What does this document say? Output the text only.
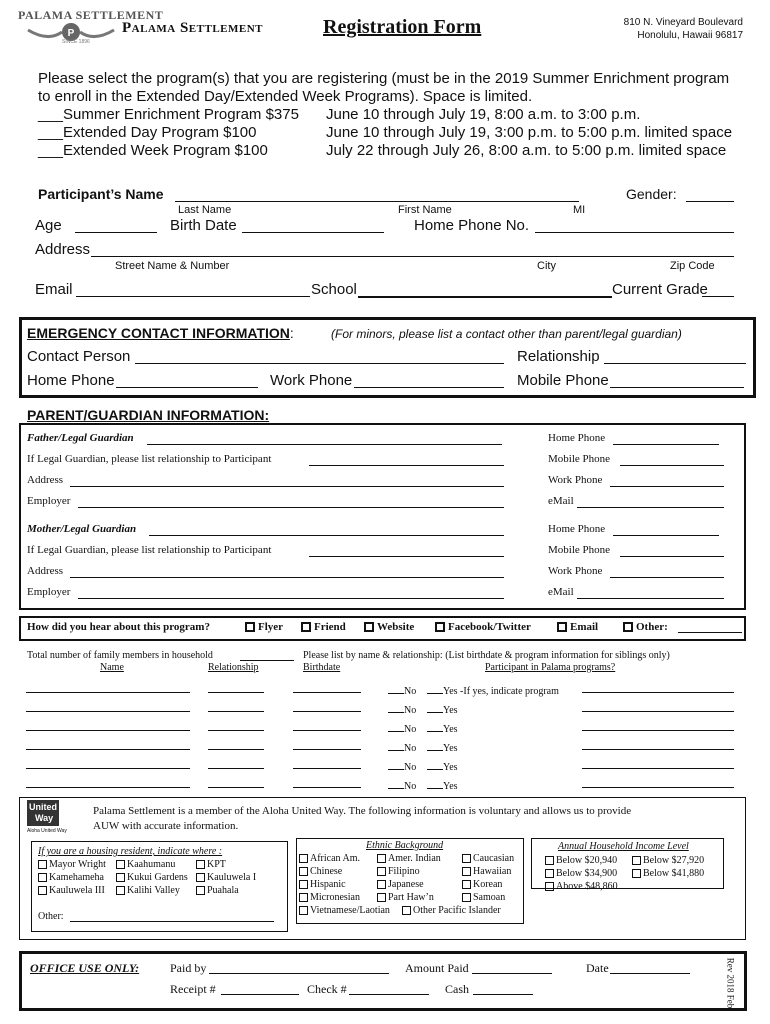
PALAMA SETTLEMENT
P
SINCE 1896
Palama Settlement	Registration Form	810 N. Vineyard Boulevard
Honolulu, Hawaii 96817
Please select the program(s) that you are registering (must be in the 2019 Summer Enrichment program
to enroll in the Extended Day/Extended Week Programs). Space is limited.
___Summer Enrichment Program $375 June 10 through July 19, 8:00 a.m. to 3:00 p.m.
___Extended Day Program $100	June 10 through July 19, 3:00 p.m. to 5:00 p.m. limited space
___Extended Week Program $100	July 22 through July 26, 8:00 a.m. to 5:00 p.m. limited space
Participant’s Name	Gender:
Last Name	First Name	MI
Age	Birth Date	Home Phone No.
Address
Street Name & Number	City	Zip Code
Email	School	Current Grade
EMERGENCY CONTACT INFORMATION:	(For minors, please list a contact other than parent/legal guardian)
Contact Person	Relationship
Home Phone	Work Phone	Mobile Phone
PARENT/GUARDIAN INFORMATION:
Father/Legal Guardian
If Legal Guardian, please list relationship to Participant
Address
Employer
Home Phone
Mobile Phone
Work Phone
eMail
Mother/Legal Guardian
If Legal Guardian, please list relationship to Participant
Address
Employer
Home Phone
Mobile Phone
Work Phone
eMail
How did you hear about this program?	Flyer	Friend	Website	Facebook/Twitter	Email	Other:
Total number of family members in household	Please list by name & relationship: (List birthdate & program information for siblings only)
Name	Relationship	Birthdate	Participant in Palama programs?
No	Yes -If yes, indicate program
No	Yes
No	Yes
No	Yes
No	Yes
No	Yes
United
Way
Aloha United Way
Palama Settlement is a member of the Aloha United Way. The following information is voluntary and allows us to provide
AUW with accurate information.
If you are a housing resident, indicate where :
Mayor Wright	Kaahumanu	KPT
Kamehameha	Kukui Gardens	Kauluwela I
Kauluwela III	Kalihi Valley	Puahala
Other:
Ethnic Background
African Am.	Amer. Indian	Caucasian
Chinese	Filipino	Hawaiian
Hispanic	Japanese	Korean
Micronesian	Part Haw’n	Samoan
Vietnamese/Laotian	Other Pacific Islander
Annual Household Income Level
Below $20,940	Below $27,920
Below $34,900	Below $41,880
Above $48,860
OFFICE USE ONLY:	Paid by	Amount Paid	Date
Receipt #	Check #	Cash	Rev 2018 Feb
